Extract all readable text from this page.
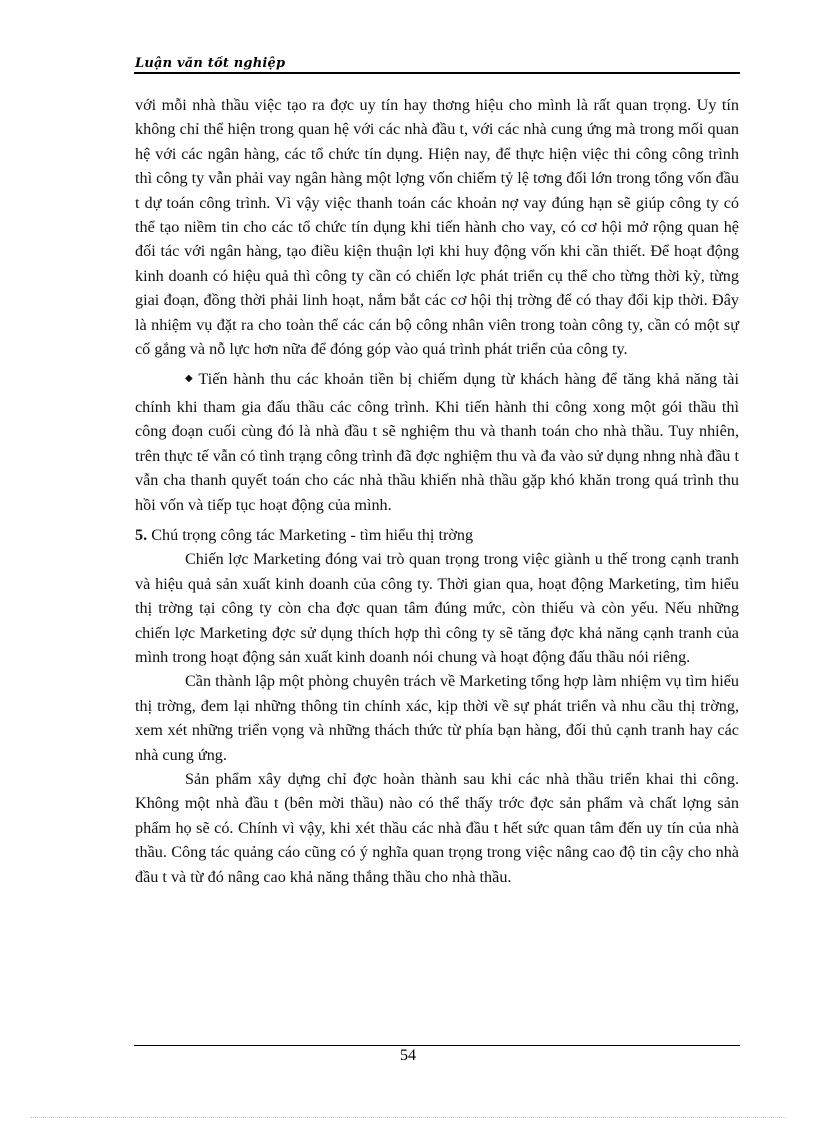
Luận văn tốt nghiệp

với mỗi nhà thầu việc tạo ra đợc uy tín hay thơng hiệu cho mình là rất quan trọng. Uy tín không chỉ thể hiện trong quan hệ với các nhà đầu t, với các nhà cung ứng mà trong mối quan hệ với các ngân hàng, các tổ chức tín dụng. Hiện nay, để thực hiện việc thi công công trình thì công ty vẫn phải vay ngân hàng một lợng vốn chiếm tỷ lệ tơng đối lớn trong tổng vốn đầu t dự toán công trình. Vì vậy việc thanh toán các khoản nợ vay đúng hạn sẽ giúp công ty có thể tạo niềm tin cho các tổ chức tín dụng khi tiến hành cho vay, có cơ hội mở rộng quan hệ đối tác với ngân hàng, tạo điều kiện thuận lợi khi huy động vốn khi cần thiết. Để hoạt động kinh doanh có hiệu quả thì công ty cần có chiến lợc phát triển cụ thể cho từng thời kỳ, từng giai đoạn, đồng thời phải linh hoạt, nắm bắt các cơ hội thị trờng để có thay đổi kịp thời. Đây là nhiệm vụ đặt ra cho toàn thể các cán bộ công nhân viên trong toàn công ty, cần có một sự cố gắng và nỗ lực hơn nữa để đóng góp vào quá trình phát triển của công ty.

◆ Tiến hành thu các khoản tiền bị chiếm dụng từ khách hàng để tăng khả năng tài chính khi tham gia đấu thầu các công trình. Khi tiến hành thi công xong một gói thầu thì công đoạn cuối cùng đó là nhà đầu t sẽ nghiệm thu và thanh toán cho nhà thầu. Tuy nhiên, trên thực tế vẫn có tình trạng công trình đã đợc nghiệm thu và đa vào sử dụng nhng nhà đầu t vẫn cha thanh quyết toán cho các nhà thầu khiến nhà thầu gặp khó khăn trong quá trình thu hồi vốn và tiếp tục hoạt động của mình.

5. Chú trọng công tác Marketing - tìm hiểu thị trờng

Chiến lợc Marketing đóng vai trò quan trọng trong việc giành u thế trong cạnh tranh và hiệu quả sản xuất kinh doanh của công ty. Thời gian qua, hoạt động Marketing, tìm hiểu thị trờng tại công ty còn cha đợc quan tâm đúng mức, còn thiếu và còn yếu. Nếu những chiến lợc Marketing đợc sử dụng thích hợp thì công ty sẽ tăng đợc khả năng cạnh tranh của mình trong hoạt động sản xuất kinh doanh nói chung và hoạt động đấu thầu nói riêng.

Cần thành lập một phòng chuyên trách về Marketing tổng hợp làm nhiệm vụ tìm hiểu thị trờng, đem lại những thông tin chính xác, kịp thời về sự phát triển và nhu cầu thị trờng, xem xét những triển vọng và những thách thức từ phía bạn hàng, đối thủ cạnh tranh hay các nhà cung ứng.

Sản phẩm xây dựng chỉ đợc hoàn thành sau khi các nhà thầu triển khai thi công. Không một nhà đầu t (bên mời thầu) nào có thể thấy trớc đợc sản phẩm và chất lợng sản phẩm họ sẽ có. Chính vì vậy, khi xét thầu các nhà đầu t hết sức quan tâm đến uy tín của nhà thầu. Công tác quảng cáo cũng có ý nghĩa quan trọng trong việc nâng cao độ tin cậy cho nhà đầu t và từ đó nâng cao khả năng thắng thầu cho nhà thầu.

54
